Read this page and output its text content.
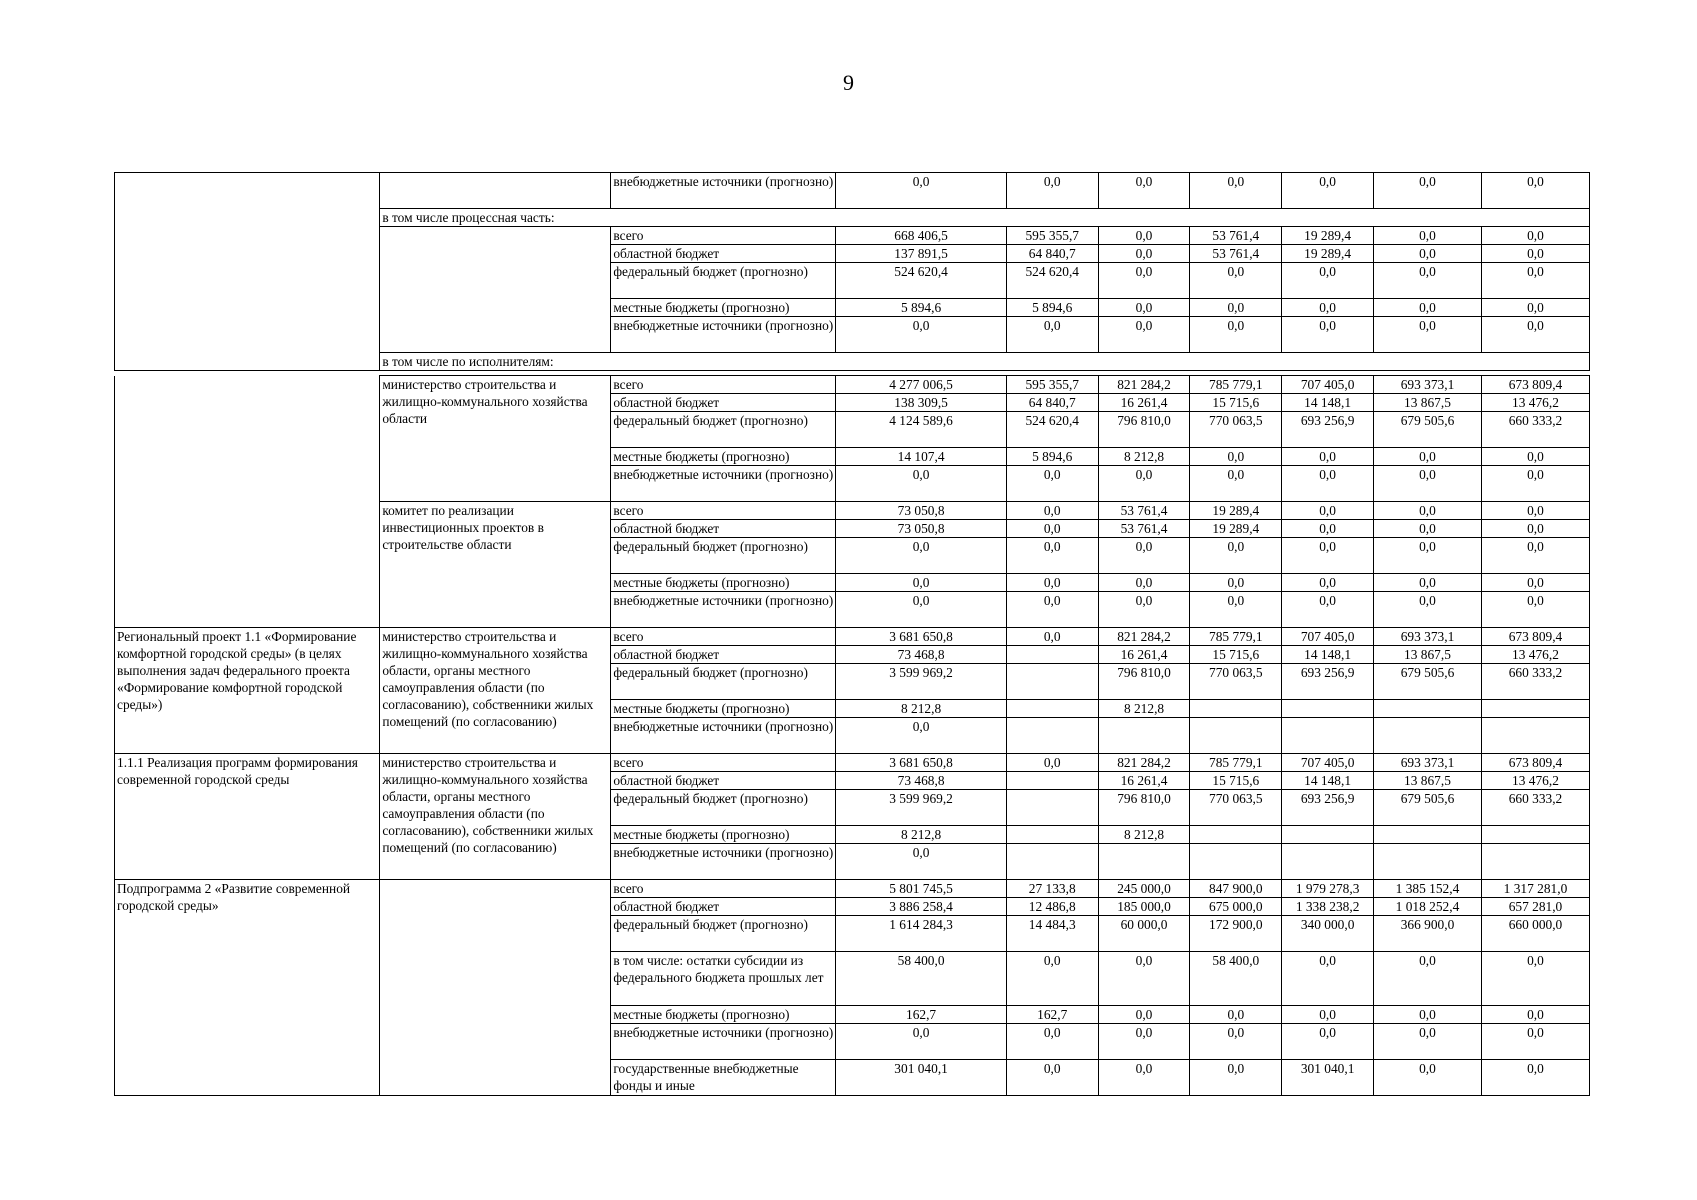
9
		внебюджетные источники (прогнозно)	0,0	0,0	0,0	0,0	0,0	0,0	0,0
	в том числе процессная часть:								
		всего	668 406,5	595 355,7	0,0	53 761,4	19 289,4	0,0	0,0
		областной бюджет	137 891,5	64 840,7	0,0	53 761,4	19 289,4	0,0	0,0
		федеральный бюджет (прогнозно)	524 620,4	524 620,4	0,0	0,0	0,0	0,0	0,0
		местные бюджеты (прогнозно)	5 894,6	5 894,6	0,0	0,0	0,0	0,0	0,0
		внебюджетные источники (прогнозно)	0,0	0,0	0,0	0,0	0,0	0,0	0,0
	в том числе по исполнителям:								
	министерство строительства и жилищно-коммунального хозяйства области	всего	4 277 006,5	595 355,7	821 284,2	785 779,1	707 405,0	693 373,1	673 809,4
		областной бюджет	138 309,5	64 840,7	16 261,4	15 715,6	14 148,1	13 867,5	13 476,2
		федеральный бюджет (прогнозно)	4 124 589,6	524 620,4	796 810,0	770 063,5	693 256,9	679 505,6	660 333,2
		местные бюджеты (прогнозно)	14 107,4	5 894,6	8 212,8	0,0	0,0	0,0	0,0
		внебюджетные источники (прогнозно)	0,0	0,0	0,0	0,0	0,0	0,0	0,0
	комитет по реализации инвестиционных проектов в строительстве области	всего	73 050,8	0,0	53 761,4	19 289,4	0,0	0,0	0,0
		областной бюджет	73 050,8	0,0	53 761,4	19 289,4	0,0	0,0	0,0
		федеральный бюджет (прогнозно)	0,0	0,0	0,0	0,0	0,0	0,0	0,0
		местные бюджеты (прогнозно)	0,0	0,0	0,0	0,0	0,0	0,0	0,0
		внебюджетные источники (прогнозно)	0,0	0,0	0,0	0,0	0,0	0,0	0,0
Региональный проект 1.1 «Формирование комфортной городской среды» (в целях выполнения задач федерального проекта «Формирование комфортной городской среды»)	министерство строительства и жилищно-коммунального хозяйства области, органы местного самоуправления области (по согласованию), собственники жилых помещений (по согласованию)	всего	3 681 650,8	0,0	821 284,2	785 779,1	707 405,0	693 373,1	673 809,4
		областной бюджет	73 468,8		16 261,4	15 715,6	14 148,1	13 867,5	13 476,2
		федеральный бюджет (прогнозно)	3 599 969,2		796 810,0	770 063,5	693 256,9	679 505,6	660 333,2
		местные бюджеты (прогнозно)	8 212,8		8 212,8				
		внебюджетные источники (прогнозно)	0,0						
1.1.1 Реализация программ формирования современной городской среды	министерство строительства и жилищно-коммунального хозяйства области, органы местного самоуправления области (по согласованию), собственники жилых помещений (по согласованию)	всего	3 681 650,8	0,0	821 284,2	785 779,1	707 405,0	693 373,1	673 809,4
		областной бюджет	73 468,8		16 261,4	15 715,6	14 148,1	13 867,5	13 476,2
		федеральный бюджет (прогнозно)	3 599 969,2		796 810,0	770 063,5	693 256,9	679 505,6	660 333,2
		местные бюджеты (прогнозно)	8 212,8		8 212,8				
		внебюджетные источники (прогнозно)	0,0						
Подпрограмма 2 «Развитие современной городской среды»		всего	5 801 745,5	27 133,8	245 000,0	847 900,0	1 979 278,3	1 385 152,4	1 317 281,0
		областной бюджет	3 886 258,4	12 486,8	185 000,0	675 000,0	1 338 238,2	1 018 252,4	657 281,0
		федеральный бюджет (прогнозно)	1 614 284,3	14 484,3	60 000,0	172 900,0	340 000,0	366 900,0	660 000,0
		в том числе: остатки субсидии из федерального бюджета прошлых лет	58 400,0	0,0	0,0	58 400,0	0,0	0,0	0,0
		местные бюджеты (прогнозно)	162,7	162,7	0,0	0,0	0,0	0,0	0,0
		внебюджетные источники (прогнозно)	0,0	0,0	0,0	0,0	0,0	0,0	0,0
		государственные внебюджетные фонды и иные	301 040,1	0,0	0,0	0,0	301 040,1	0,0	0,0
